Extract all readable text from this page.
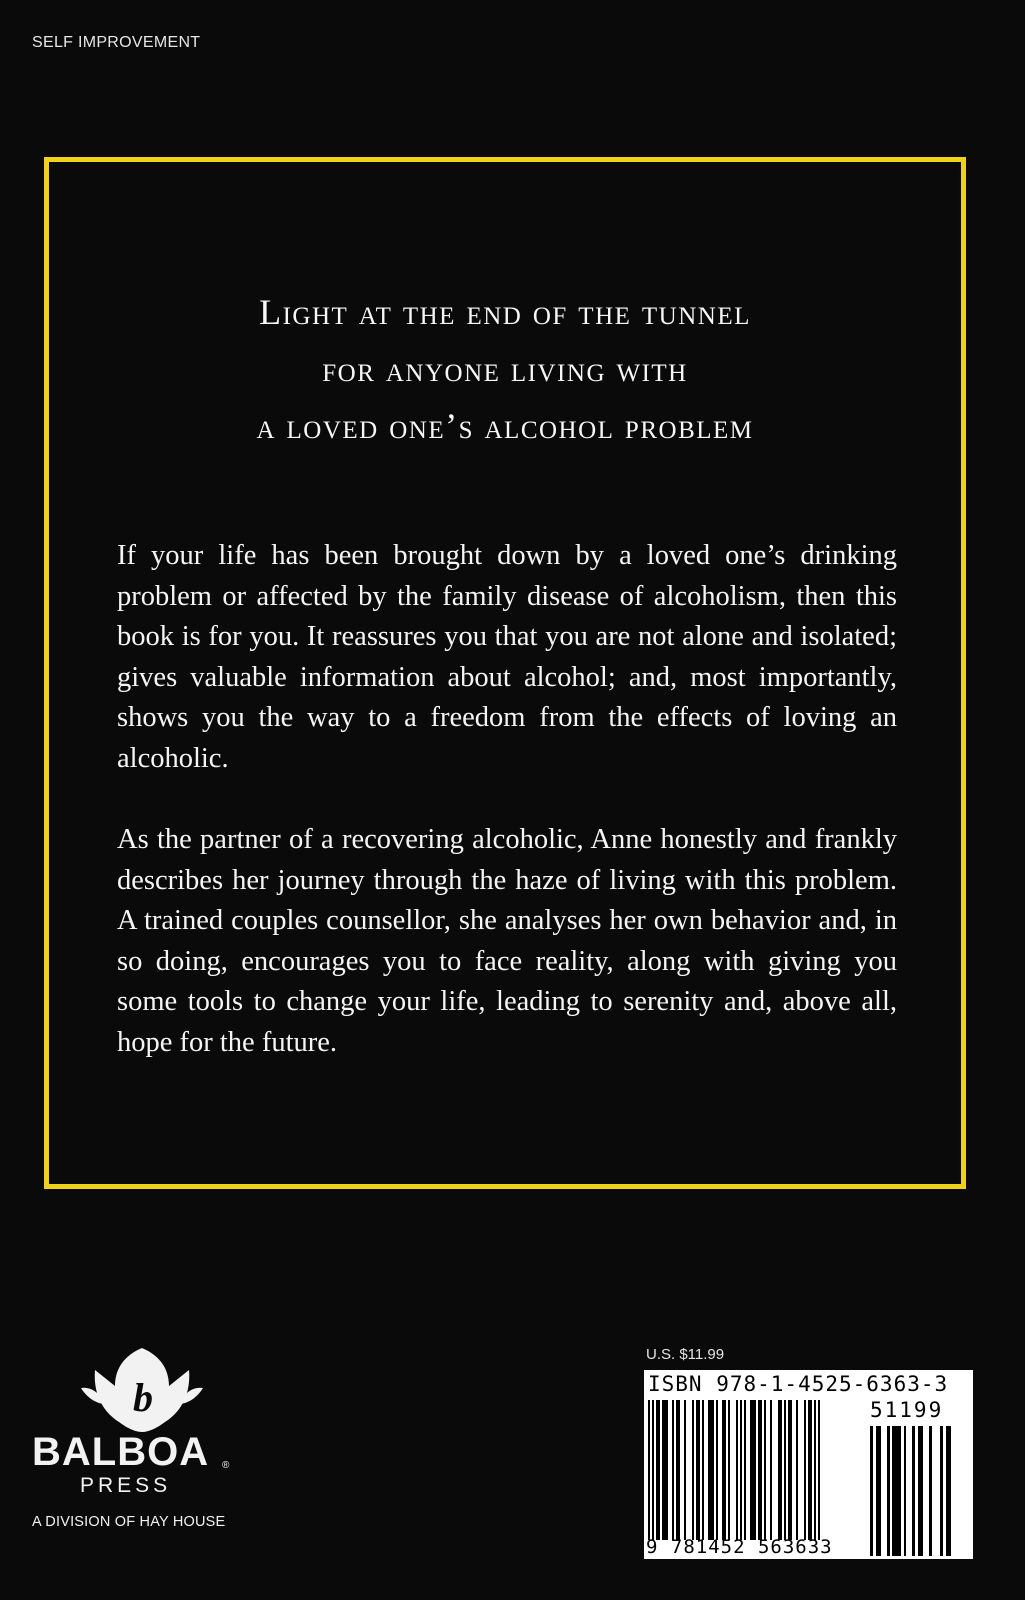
SELF IMPROVEMENT
Light at the end of the tunnel
for anyone living with
a loved one’s alcohol problem
If your life has been brought down by a loved one’s drinking problem or affected by the family disease of alcoholism, then this book is for you. It reassures you that you are not alone and isolated; gives valuable information about alcohol; and, most importantly, shows you the way to a freedom from the effects of loving an alcoholic.
As the partner of a recovering alcoholic, Anne honestly and frankly describes her journey through the haze of living with this problem. A trained couples counsellor, she analyses her own behavior and, in so doing, encourages you to face reality, along with giving you some tools to change your life, leading to serenity and, above all, hope for the future.
b
BALBOA ®
PRESS
A DIVISION OF HAY HOUSE
U.S. $11.99
ISBN 978-1-4525-6363-3
51199
9 781452 563633
